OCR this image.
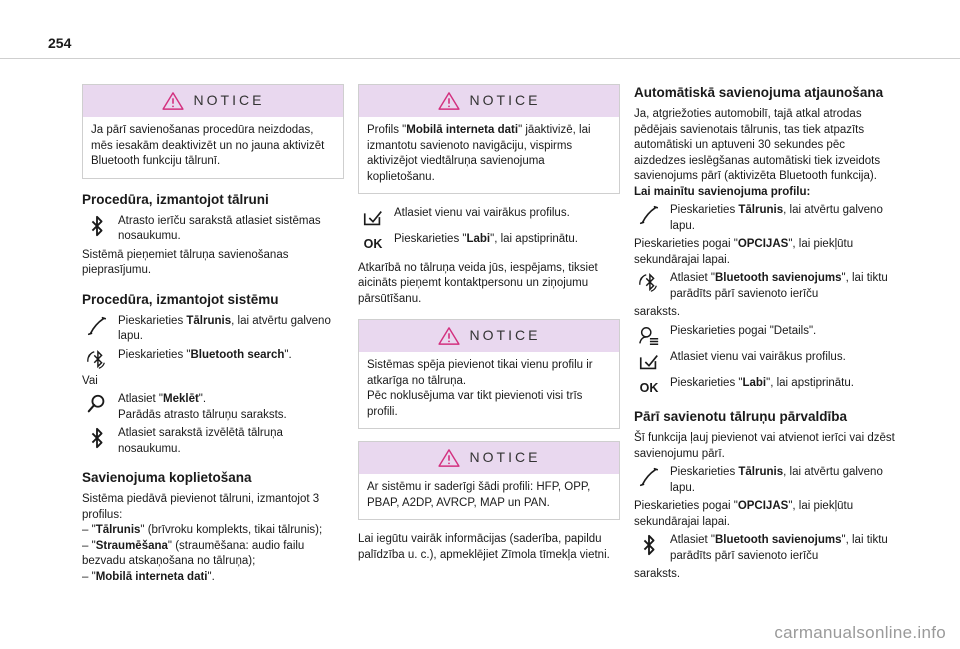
254
NOTICE
Ja pārī savienošanas procedūra neizdodas, mēs iesakām deaktivizēt un no jauna aktivizēt Bluetooth funkciju tālrunī.
Procedūra, izmantojot tālruni
Atrasto ierīču sarakstā atlasiet sistēmas nosaukumu.

Sistēmā pieņemiet tālruņa savienošanas pieprasījumu.

Procedūra, izmantojot sistēmu
Pieskarieties Tālrunis, lai atvērtu galveno lapu.
Pieskarieties "Bluetooth search".

Vai

Atlasiet "Meklēt".
Parādās atrasto tālruņu saraksts.
Atlasiet sarakstā izvēlētā tālruņa nosaukumu.
Savienojuma koplietošana

Sistēma piedāvā pievienot tālruni, izmantojot 3 profilus:

– "Tālrunis" (brīvroku komplekts, tikai tālrunis);

– "Straumēšana" (straumēšana: audio failu bezvadu atskaņošana no tālruņa);

– "Mobilā interneta dati".

NOTICE
Profils "Mobilā interneta dati" jāaktivizē, lai izmantotu savienoto navigāciju, vispirms aktivizējot viedtālruņa savienojuma koplietošanu.
Atlasiet vienu vai vairākus profilus.
OK	Pieskarieties "Labi", lai apstiprinātu.

Atkarībā no tālruņa veida jūs, iespējams, tiksiet aicināts pieņemt kontaktpersonu un ziņojumu pārsūtīšanu.

NOTICE
Sistēmas spēja pievienot tikai vienu profilu ir atkarīga no tālruņa.
Pēc noklusējuma var tikt pievienoti visi trīs profili.
NOTICE
Ar sistēmu ir saderīgi šādi profili: HFP, OPP, PBAP, A2DP, AVRCP, MAP un PAN.

Lai iegūtu vairāk informācijas (saderība, papildu palīdzība u. c.), apmeklējiet Zīmola tīmekļa vietni.

Automātiskā savienojuma atjaunošana

Ja, atgriežoties automobilī, tajā atkal atrodas pēdējais savienotais tālrunis, tas tiek atpazīts automātiski un aptuveni 30 sekundes pēc aizdedzes ieslēgšanas automātiski tiek izveidots savienojums pārī (aktivizēta Bluetooth funkcija).

Lai mainītu savienojuma profilu:

Pieskarieties Tālrunis, lai atvērtu galveno lapu.

Pieskarieties pogai "OPCIJAS", lai piekļūtu sekundārajai lapai.

Atlasiet "Bluetooth savienojums", lai tiktu parādīts pārī savienoto ierīču

saraksts.

Pieskarieties pogai "Details".
Atlasiet vienu vai vairākus profilus.
OK	Pieskarieties "Labi", lai apstiprinātu.
Pārī savienotu tālruņu pārvaldība

Šī funkcija ļauj pievienot vai atvienot ierīci vai dzēst savienojumu pārī.

Pieskarieties Tālrunis, lai atvērtu galveno lapu.

Pieskarieties pogai "OPCIJAS", lai piekļūtu sekundārajai lapai.

Atlasiet "Bluetooth savienojums", lai tiktu parādīts pārī savienoto ierīču

saraksts.

carmanualsonline.info
